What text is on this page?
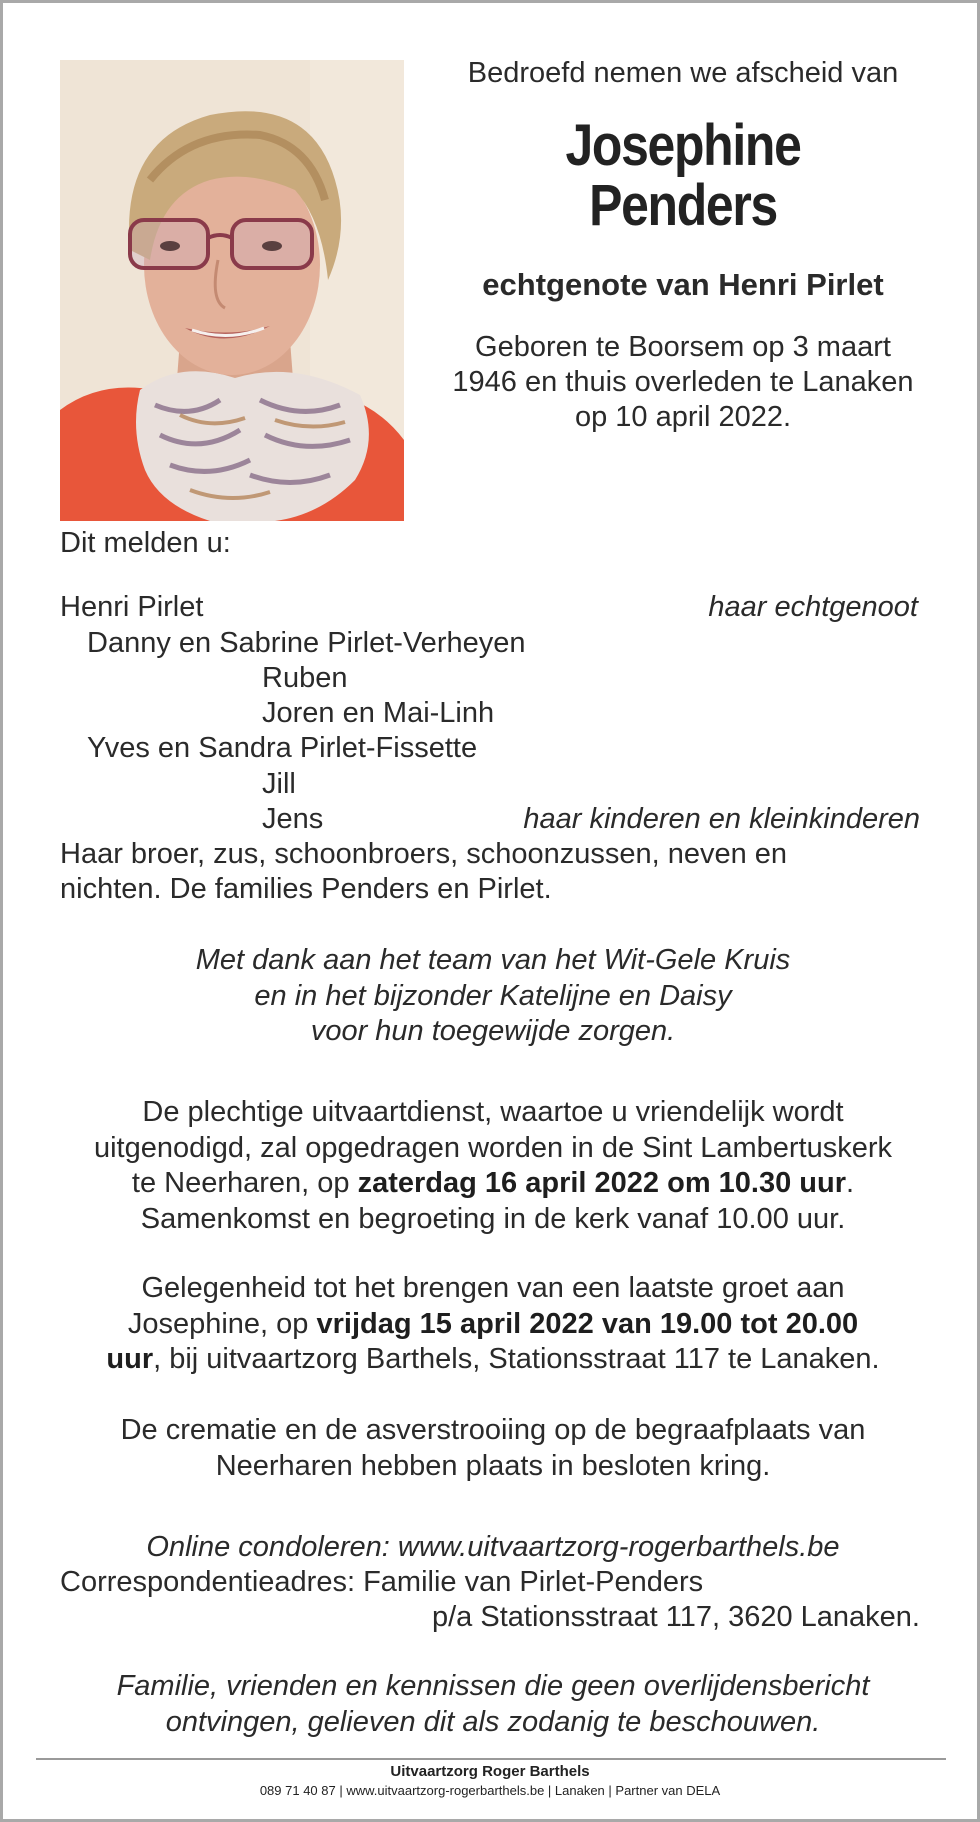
Bedroefd nemen we afscheid van
Josephine
Penders
echtgenote van Henri Pirlet
Geboren te Boorsem op 3 maart
1946 en thuis overleden te Lanaken
op 10 april 2022.
Dit melden u:
Henri Pirlet	haar echtgenoot
Danny en Sabrine Pirlet-Verheyen
Ruben
Joren en Mai-Linh
Yves en Sandra Pirlet-Fissette
Jill
Jens	haar kinderen en kleinkinderen
Haar broer, zus, schoonbroers, schoonzussen, neven en
nichten. De families Penders en Pirlet.
Met dank aan het team van het Wit-Gele Kruis
en in het bijzonder Katelijne en Daisy
voor hun toegewijde zorgen.
De plechtige uitvaartdienst, waartoe u vriendelijk wordt
uitgenodigd, zal opgedragen worden in de Sint Lambertuskerk
te Neerharen, op zaterdag 16 april 2022 om 10.30 uur.
Samenkomst en begroeting in de kerk vanaf 10.00 uur.
Gelegenheid tot het brengen van een laatste groet aan
Josephine, op vrijdag 15 april 2022 van 19.00 tot 20.00
uur, bij uitvaartzorg Barthels, Stationsstraat 117 te Lanaken.
De crematie en de asverstrooiing op de begraafplaats van
Neerharen hebben plaats in besloten kring.
Online condoleren: www.uitvaartzorg-rogerbarthels.be
Correspondentieadres: Familie van Pirlet-Penders
p/a Stationsstraat 117, 3620 Lanaken.
Familie, vrienden en kennissen die geen overlijdensbericht
ontvingen, gelieven dit als zodanig te beschouwen.
Uitvaartzorg Roger Barthels
089 71 40 87 | www.uitvaartzorg-rogerbarthels.be | Lanaken | Partner van DELA
